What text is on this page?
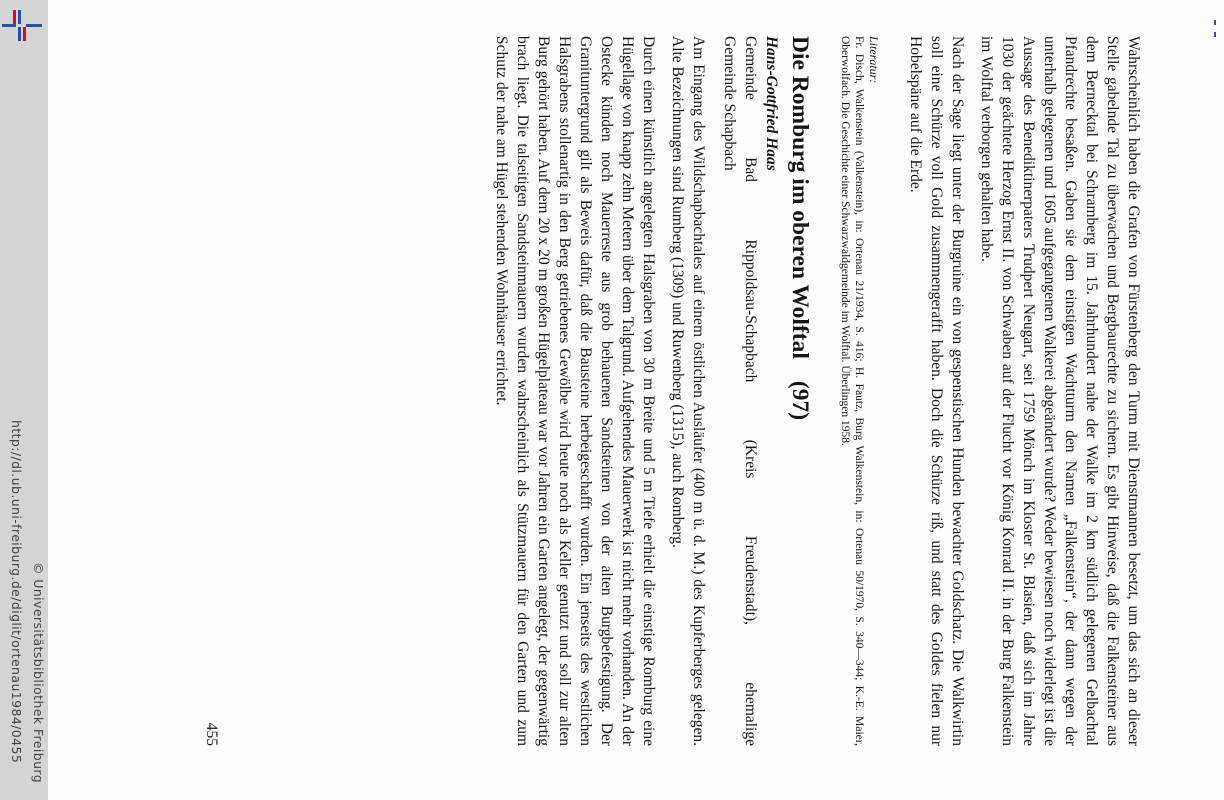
http://dl.ub.uni-freiburg.de/diglit/ortenau1984/0455 © Universitätsbibliothek Freiburg	Wahrscheinlich haben die Grafen von Fürstenberg den Turm mit Dienstmannen besetzt, um das sich an dieser Stelle gabelnde Tal zu überwachen und Bergbaurechte zu sichern. Es gibt Hinweise, daß die Falkensteiner aus dem Bernecktal bei Schramberg im 15. Jahrhundert nahe der Walke im 2 km südlich gelegenen Gelbachtal Pfandrechte besaßen. Gaben sie dem einstigen Wachtturm den Namen „Falkenstein“, der dann wegen der unterhalb gelegenen und 1605 aufgegangenen Walkerei abgeändert wurde? Weder bewiesen noch widerlegt ist die Aussage des Benediktinerpaters Trudpert Neugart, seit 1759 Mönch im Kloster St. Blasien, daß sich im Jahre 1030 der geächtete Herzog Ernst II. von Schwaben auf der Flucht vor König Konrad II. in der Burg Falkenstein im Wolftal verborgen gehalten habe.

Nach der Sage liegt unter der Burgruine ein von gespenstischen Hunden bewachter Goldschatz. Die Walkwirtin soll eine Schürze voll Gold zusammengerafft haben. Doch die Schürze riß, und statt des Goldes fielen nur Hobelspäne auf die Erde.

Literatur:
Fr. Disch, Walkenstein (Valkenstein), in: Ortenau 21/1934, S. 416; H. Fautz, Burg Walkenstein, in: Ortenau 50/1970, S. 340—344; K.-E. Maier, Oberwolfach. Die Geschichte einer Schwarzwaldgemeinde im Wolftal. Überlingen 1958.
Die Romburg im oberen Wolftal(97)
Hans-Gottfried Haas
Gemeinde Bad Rippoldsau-Schapbach (Kreis Freudenstadt), ehemalige
Gemeinde Schapbach

Am Eingang des Wildschapbachtales auf einem östlichen Ausläufer (400 m ü. d. M.) des Kupferberges gelegen. Alte Bezeichnungen sind Rumberg (1309) und Ruwenberg (1315), auch Romberg.

Durch einen künstlich angelegten Halsgraben von 30 m Breite und 5 m Tiefe erhielt die einstige Romburg eine Hügellage von knapp zehn Metern über dem Talgrund. Aufgehendes Mauerwerk ist nicht mehr vorhanden. An der Ostecke künden noch Mauerreste aus grob behauenen Sandsteinen von der alten Burgbefestigung. Der Granituntergrund gilt als Beweis dafür, daß die Bausteine herbeigeschafft wurden. Ein jenseits des westlichen Halsgrabens stollenartig in den Berg getriebenes Gewölbe wird heute noch als Keller genutzt und soll zur alten Burg gehört haben. Auf dem 20 x 20 m großen Hügelplateau war vor Jahren ein Garten angelegt, der gegenwärtig brach liegt. Die talseitigen Sandsteinmauern wurden wahrscheinlich als Stützmauern für den Garten und zum Schutz der nahe am Hügel stehenden Wohnhäuser errichtet.

455
